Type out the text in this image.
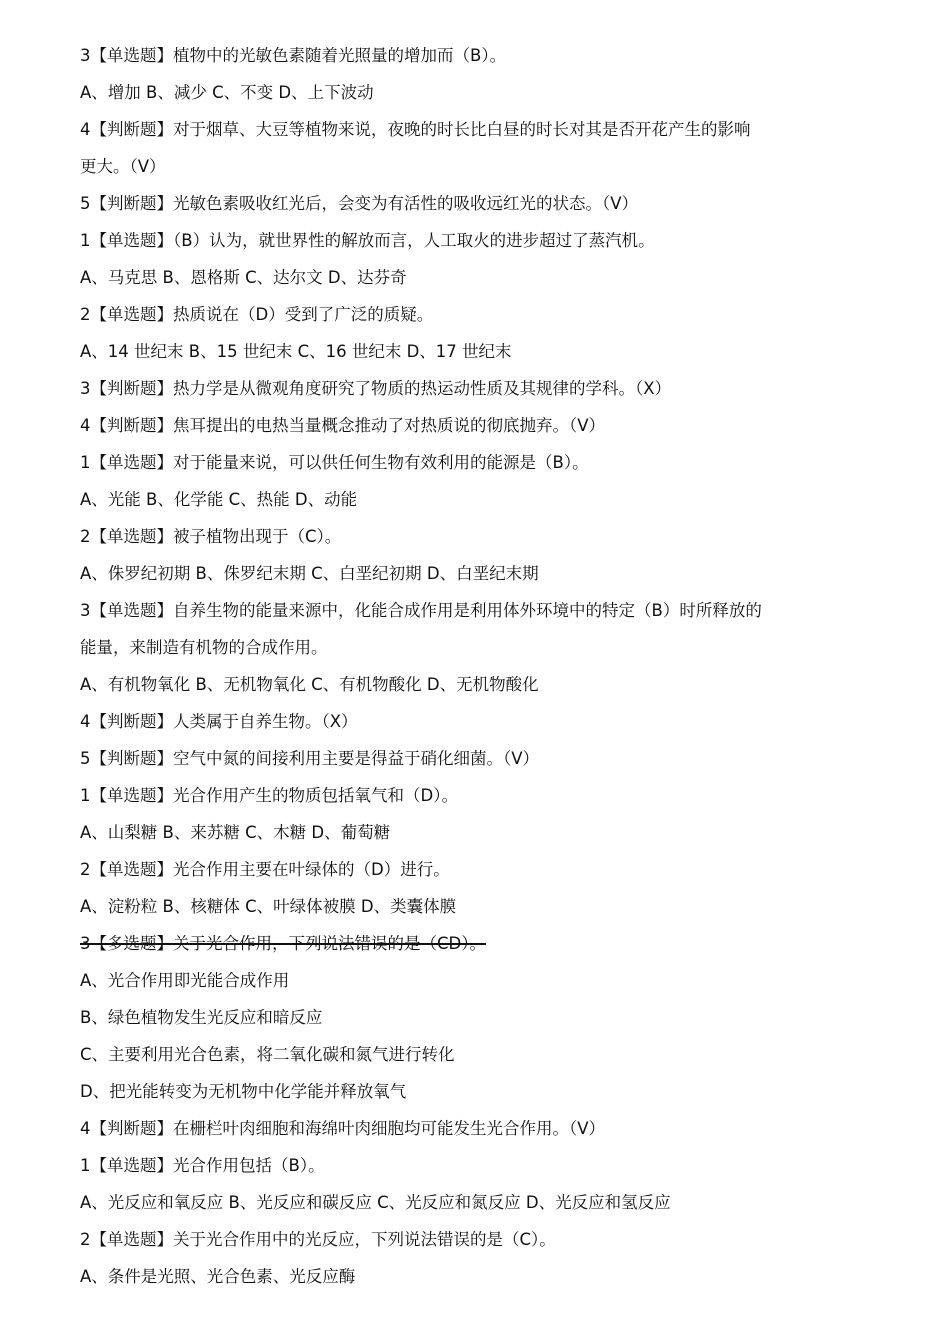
3【单选题】植物中的光敏色素随着光照量的增加而（B）。
A、增加 B、减少 C、不变 D、上下波动
4【判断题】对于烟草、大豆等植物来说，夜晚的时长比白昼的时长对其是否开花产生的影响
更大。（V）
5【判断题】光敏色素吸收红光后，会变为有活性的吸收远红光的状态。（V）
1【单选题】（B）认为，就世界性的解放而言，人工取火的进步超过了蒸汽机。
A、马克思 B、恩格斯 C、达尔文 D、达芬奇
2【单选题】热质说在（D）受到了广泛的质疑。
A、14 世纪末 B、15 世纪末 C、16 世纪末 D、17 世纪末
3【判断题】热力学是从微观角度研究了物质的热运动性质及其规律的学科。（X）
4【判断题】焦耳提出的电热当量概念推动了对热质说的彻底抛弃。（V）
1【单选题】对于能量来说，可以供任何生物有效利用的能源是（B）。
A、光能 B、化学能 C、热能 D、动能
2【单选题】被子植物出现于（C）。
A、侏罗纪初期 B、侏罗纪末期 C、白垩纪初期 D、白垩纪末期
3【单选题】自养生物的能量来源中，化能合成作用是利用体外环境中的特定（B）时所释放的
能量，来制造有机物的合成作用。
A、有机物氧化 B、无机物氧化 C、有机物酸化 D、无机物酸化
4【判断题】人类属于自养生物。（X）
5【判断题】空气中氮的间接利用主要是得益于硝化细菌。（V）
1【单选题】光合作用产生的物质包括氧气和（D）。
A、山梨糖 B、来苏糖 C、木糖 D、葡萄糖
2【单选题】光合作用主要在叶绿体的（D）进行。
A、淀粉粒 B、核糖体 C、叶绿体被膜 D、类囊体膜
3【多选题】关于光合作用，下列说法错误的是（CD）。
A、光合作用即光能合成作用
B、绿色植物发生光反应和暗反应
C、主要利用光合色素，将二氧化碳和氮气进行转化
D、把光能转变为无机物中化学能并释放氧气
4【判断题】在栅栏叶肉细胞和海绵叶肉细胞均可能发生光合作用。（V）
1【单选题】光合作用包括（B）。
A、光反应和氧反应 B、光反应和碳反应 C、光反应和氮反应 D、光反应和氢反应
2【单选题】关于光合作用中的光反应，下列说法错误的是（C）。
A、条件是光照、光合色素、光反应酶
